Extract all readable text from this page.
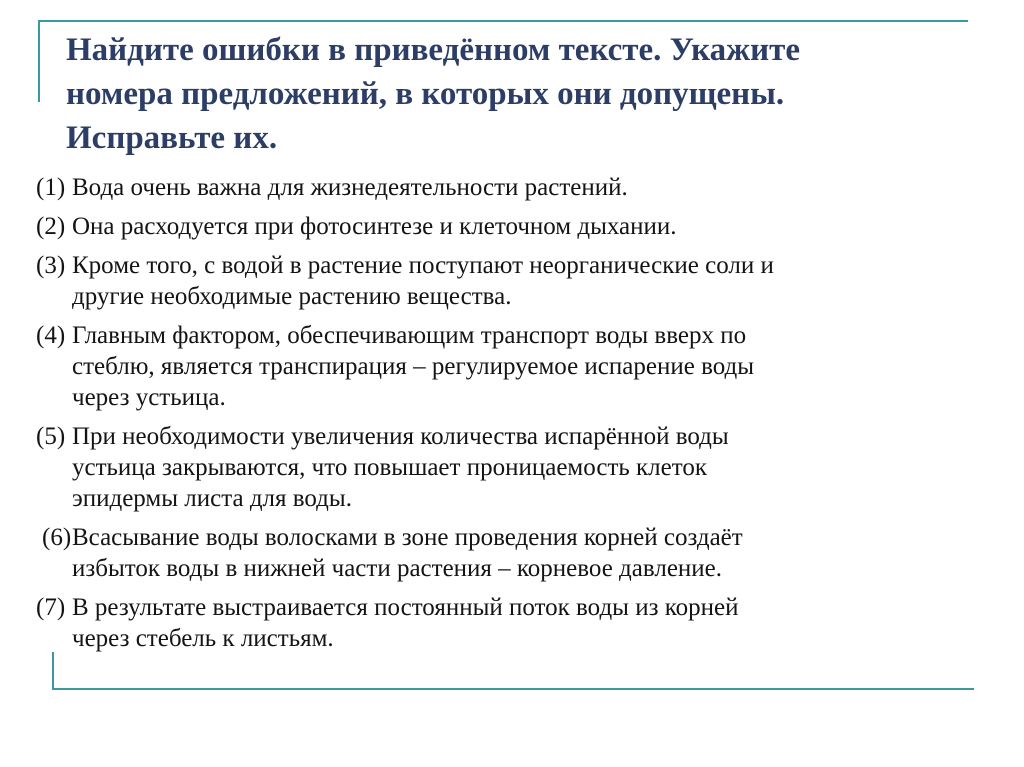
Найдите ошибки в приведённом тексте. Укажите
номера предложений, в которых они допущены.
Исправьте их.
(1) Вода очень важна для жизнедеятельности растений.
(2) Она расходуется при фотосинтезе и клеточном дыхании.
(3) Кроме того, с водой в растение поступают неорганические соли и
другие необходимые растению вещества.
(4) Главным фактором, обеспечивающим транспорт воды вверх по
стеблю, является транспирация – регулируемое испарение воды
через устьица.
(5) При необходимости увеличения количества испарённой воды
устьица закрываются, что повышает проницаемость клеток
эпидермы листа для воды.
(6) Всасывание воды волосками в зоне проведения корней создаёт
избыток воды в нижней части растения – корневое давление.
(7) В результате выстраивается постоянный поток воды из корней
через стебель к листьям.
